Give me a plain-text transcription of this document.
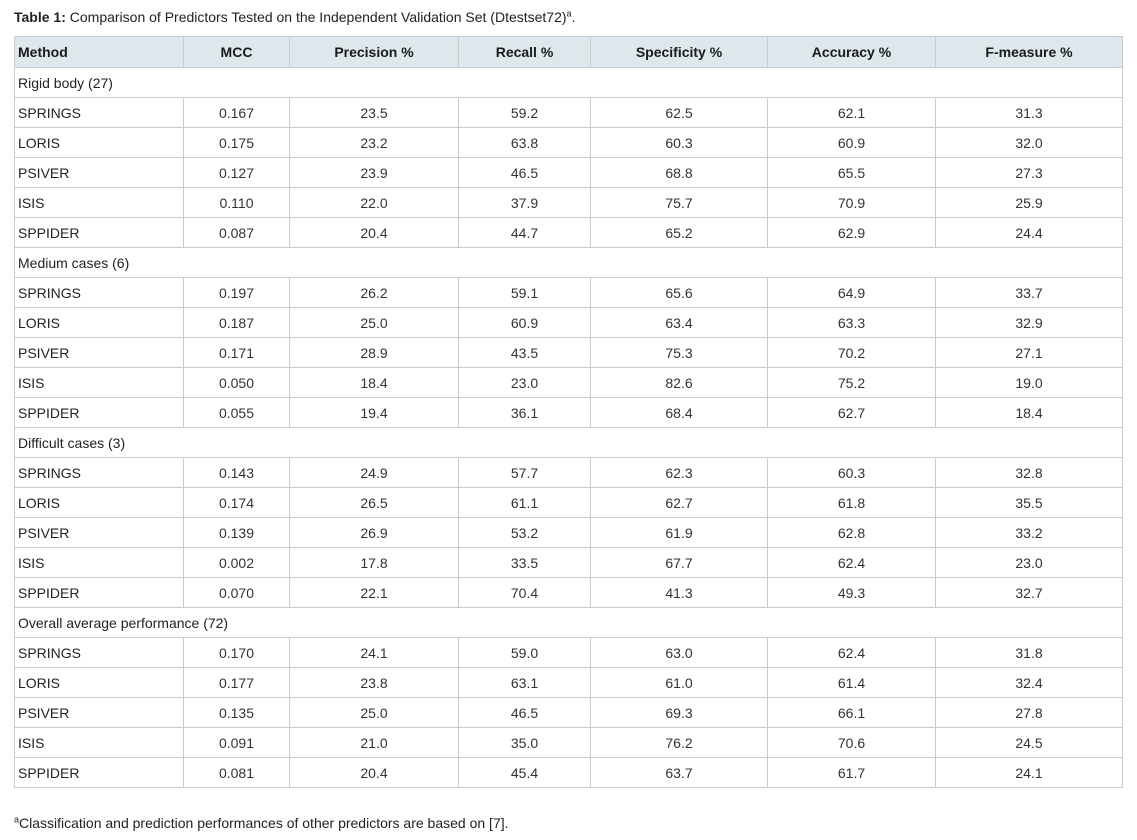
Table 1: Comparison of Predictors Tested on the Independent Validation Set (Dtestset72)$^a$.
Method	MCC	Precision %	Recall %	Specificity %	Accuracy %	F-measure %
Rigid body (27)						
SPRINGS	0.167	23.5	59.2	62.5	62.1	31.3
LORIS	0.175	23.2	63.8	60.3	60.9	32.0
PSIVER	0.127	23.9	46.5	68.8	65.5	27.3
ISIS	0.110	22.0	37.9	75.7	70.9	25.9
SPPIDER	0.087	20.4	44.7	65.2	62.9	24.4
Medium cases (6)						
SPRINGS	0.197	26.2	59.1	65.6	64.9	33.7
LORIS	0.187	25.0	60.9	63.4	63.3	32.9
PSIVER	0.171	28.9	43.5	75.3	70.2	27.1
ISIS	0.050	18.4	23.0	82.6	75.2	19.0
SPPIDER	0.055	19.4	36.1	68.4	62.7	18.4
Difficult cases (3)						
SPRINGS	0.143	24.9	57.7	62.3	60.3	32.8
LORIS	0.174	26.5	61.1	62.7	61.8	35.5
PSIVER	0.139	26.9	53.2	61.9	62.8	33.2
ISIS	0.002	17.8	33.5	67.7	62.4	23.0
SPPIDER	0.070	22.1	70.4	41.3	49.3	32.7
Overall average performance (72)						
SPRINGS	0.170	24.1	59.0	63.0	62.4	31.8
LORIS	0.177	23.8	63.1	61.0	61.4	32.4
PSIVER	0.135	25.0	46.5	69.3	66.1	27.8
ISIS	0.091	21.0	35.0	76.2	70.6	24.5
SPPIDER	0.081	20.4	45.4	63.7	61.7	24.1
$^a$Classification and prediction performances of other predictors are based on [7].
